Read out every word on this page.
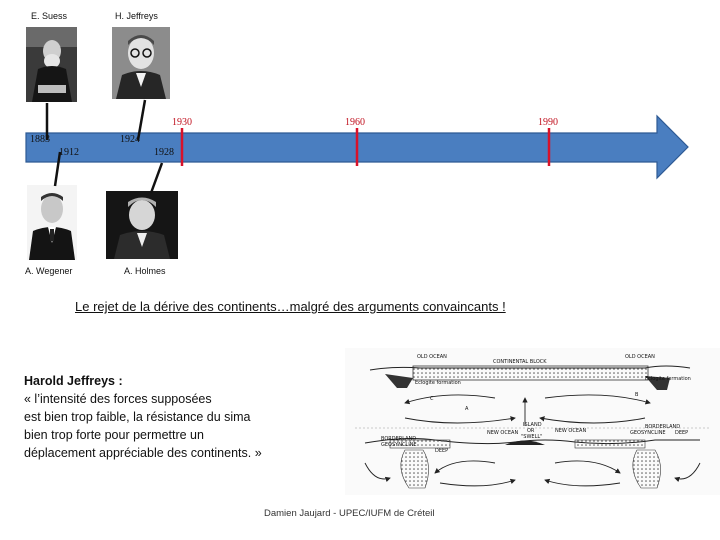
E. Suess	H. Jeffreys
A. Wegener	A. Holmes
1883
1912
1924
1928
1930	1960	1990
Le rejet de la dérive des continents…malgré des arguments convaincants !

Harold Jeffreys :

« l’intensité des forces supposées

est bien trop faible, la résistance du sima

bien trop forte pour permettre un

déplacement appréciable des continents. »

OLD OCEAN
CONTINENTAL BLOCK
OLD OCEAN
Eclogite formation
Eclogite formation
BORDERLAND
GEOSYNCLINE
DEEP
NEW OCEAN
ISLAND
OR
"SWELL"
NEW OCEAN
BORDERLAND
GEOSYNCLINE DEEP
A
B
C
Damien Jaujard - UPEC/IUFM de Créteil
